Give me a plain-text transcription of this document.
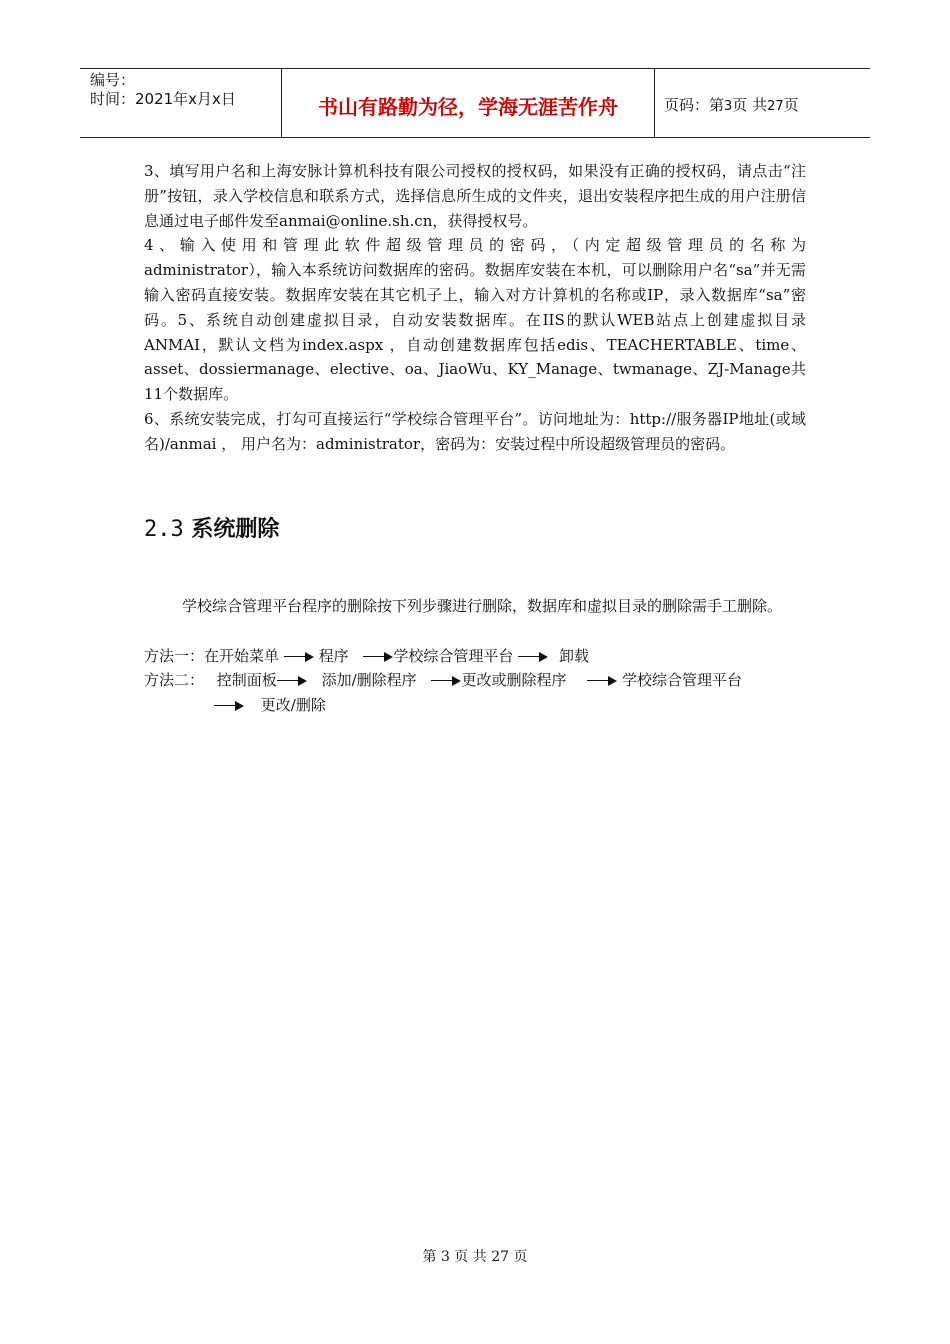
编号：
时间：2021年x月x日	书山有路勤为径，学海无涯苦作舟	页码：第3页 共27页

3、填写用户名和上海安脉计算机科技有限公司授权的授权码，如果没有正确的授权码，请点击“注册”按钮，录入学校信息和联系方式，选择信息所生成的文件夹，退出安装程序把生成的用户注册信息通过电子邮件发至anmai@online.sh.cn，获得授权号。

4、输入使用和管理此软件超级管理员的密码，（内定超级管理员的名称为

administrator），输入本系统访问数据库的密码。数据库安装在本机，可以删除用户名“sa”并无需输入密码直接安装。数据库安装在其它机子上，输入对方计算机的名称或IP，录入数据库“sa”密码。5、系统自动创建虚拟目录，自动安装数据库。在IIS的默认WEB站点上创建虚拟目录ANMAI，默认文档为index.aspx ，自动创建数据库包括edis、TEACHERTABLE、time、asset、dossiermanage、elective、oa、JiaoWu、KY_Manage、twmanage、ZJ-Manage共11个数据库。

6、系统安装完成，打勾可直接运行“学校综合管理平台”。访问地址为：http://服务器IP地址(或域名)/anmai ， 用户名为：administrator，密码为：安装过程中所设超级管理员的密码。

2.3 系统删除

学校综合管理平台程序的删除按下列步骤进行删除，数据库和虚拟目录的删除需手工删除。

方法一：在开始菜单	程序	学校综合管理平台	卸载
方法二： 控制面板	添加/删除程序	更改或删除程序	学校综合管理平台
更改/删除
第 3 页 共 27 页
